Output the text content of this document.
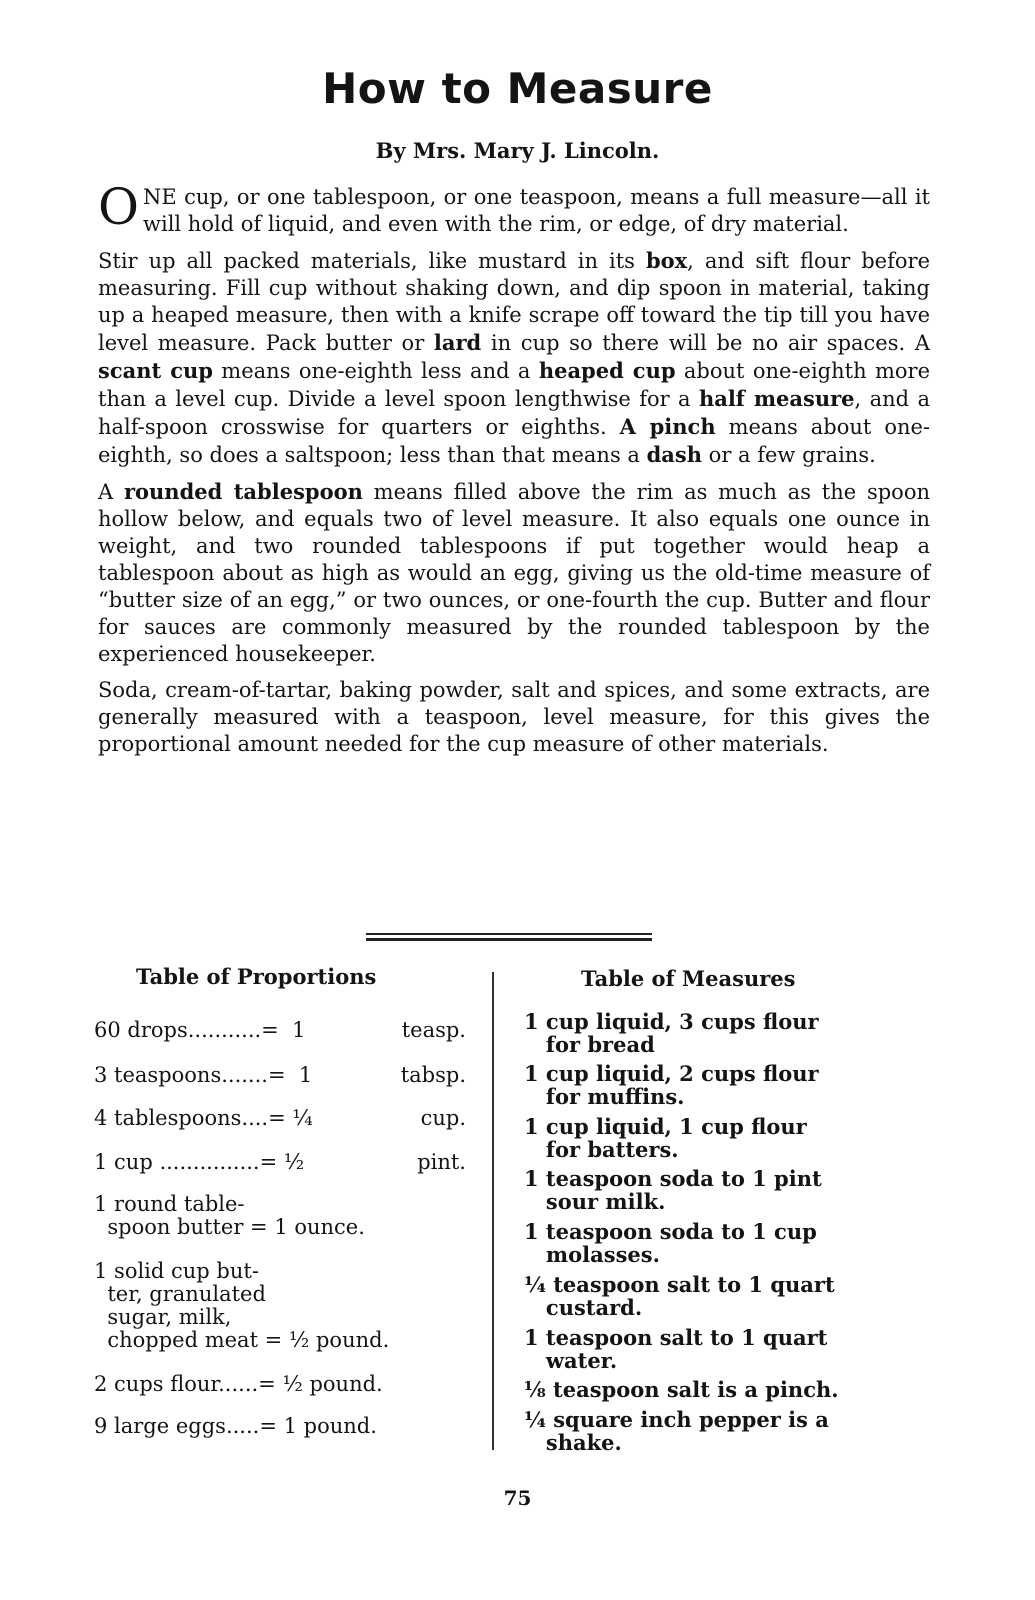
How to Measure
By Mrs. Mary J. Lincoln.

ONE cup, or one tablespoon, or one teaspoon, means a full measure—all it will hold of liquid, and even with the rim, or edge, of dry material.

Stir up all packed materials, like mustard in its box, and sift flour before measuring. Fill cup without shaking down, and dip spoon in material, taking up a heaped measure, then with a knife scrape off toward the tip till you have level measure. Pack butter or lard in cup so there will be no air spaces. A scant cup means one-eighth less and a heaped cup about one-eighth more than a level cup. Divide a level spoon lengthwise for a half measure, and a half-spoon crosswise for quarters or eighths. A pinch means about one-eighth, so does a saltspoon; less than that means a dash or a few grains.

A rounded tablespoon means filled above the rim as much as the spoon hollow below, and equals two of level measure. It also equals one ounce in weight, and two rounded tablespoons if put together would heap a tablespoon about as high as would an egg, giving us the old-time measure of “butter size of an egg,” or two ounces, or one-fourth the cup. Butter and flour for sauces are commonly measured by the rounded tablespoon by the experienced housekeeper.

Soda, cream-of-tartar, baking powder, salt and spices, and some extracts, are generally measured with a teaspoon, level measure, for this gives the proportional amount needed for the cup measure of other materials.

Table of Proportions	Table of Measures
60 drops...........=  1	teasp.
3 teaspoons.......=  1	tabsp.
4 tablespoons....= ¼	cup.
1 cup ...............= ½	pint.
1 round table-
spoon butter = 1 ounce.
1 solid cup but-
ter, granulated
sugar, milk,
chopped meat = ½ pound.
2 cups flour......= ½ pound.
9 large eggs.....= 1 pound.
1 cup liquid, 3 cups flour
for bread
1 cup liquid, 2 cups flour
for muffins.
1 cup liquid, 1 cup flour
for batters.
1 teaspoon soda to 1 pint
sour milk.
1 teaspoon soda to 1 cup
molasses.
¼ teaspoon salt to 1 quart
custard.
1 teaspoon salt to 1 quart
water.
⅛ teaspoon salt is a pinch.
¼ square inch pepper is a
shake.
75
